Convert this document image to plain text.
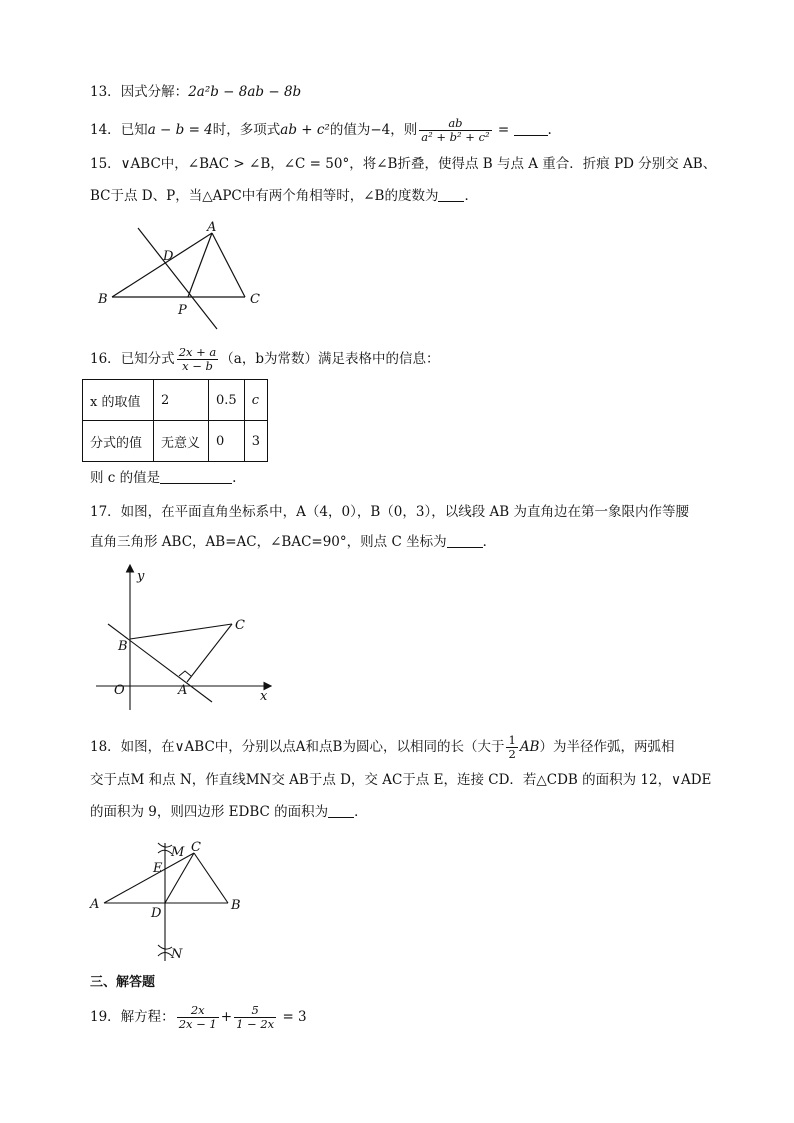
13．因式分解：2a²b − 8ab − 8b
14．已知a − b = 4时，多项式ab + c²的值为−4，则 $\frac{ab}{\text{a² + b² + c²}}$ =	.
15．∨ABC中，∠BAC > ∠B，∠C = 50°，将∠B折叠，使得点 B 与点 A 重合．折痕 PD 分别交 AB、
BC于点 D、P，当△APC中有两个角相等时，∠B的度数为 ．
A
B	C
D
P
16．已知分式 $\frac{2x + a}{x - b} (a$，b为常数）满足表格中的信息：
x 的取值	2	0.5	c
分式的值	无意义	0	3
则 c 的值是	.
17．如图，在平面直角坐标系中，A（4，0），B（0，3），以线段 AB 为直角边在第一象限内作等腰
直角三角形 ABC，AB=AC，∠BAC=90°，则点 C 坐标为	．
y
x
O	A
B
C
18．如图，在∨ABC中，分别以点A和点B为圆心，以相同的长（大于 $\frac{1}{2} AB$）为半径作弧，两弧相
交于点M 和点 N，作直线MN交 AB于点 D，交 AC于点 E，连接 CD．若△CDB 的面积为 12，∨ADE
的面积为 9，则四边形 EDBC 的面积为 ．
M
E
C
A
D
B
N
三、解答题
19．解方程： $\frac{2x}{2x - 1} + \frac{5}{1 - 2x} = 3$
